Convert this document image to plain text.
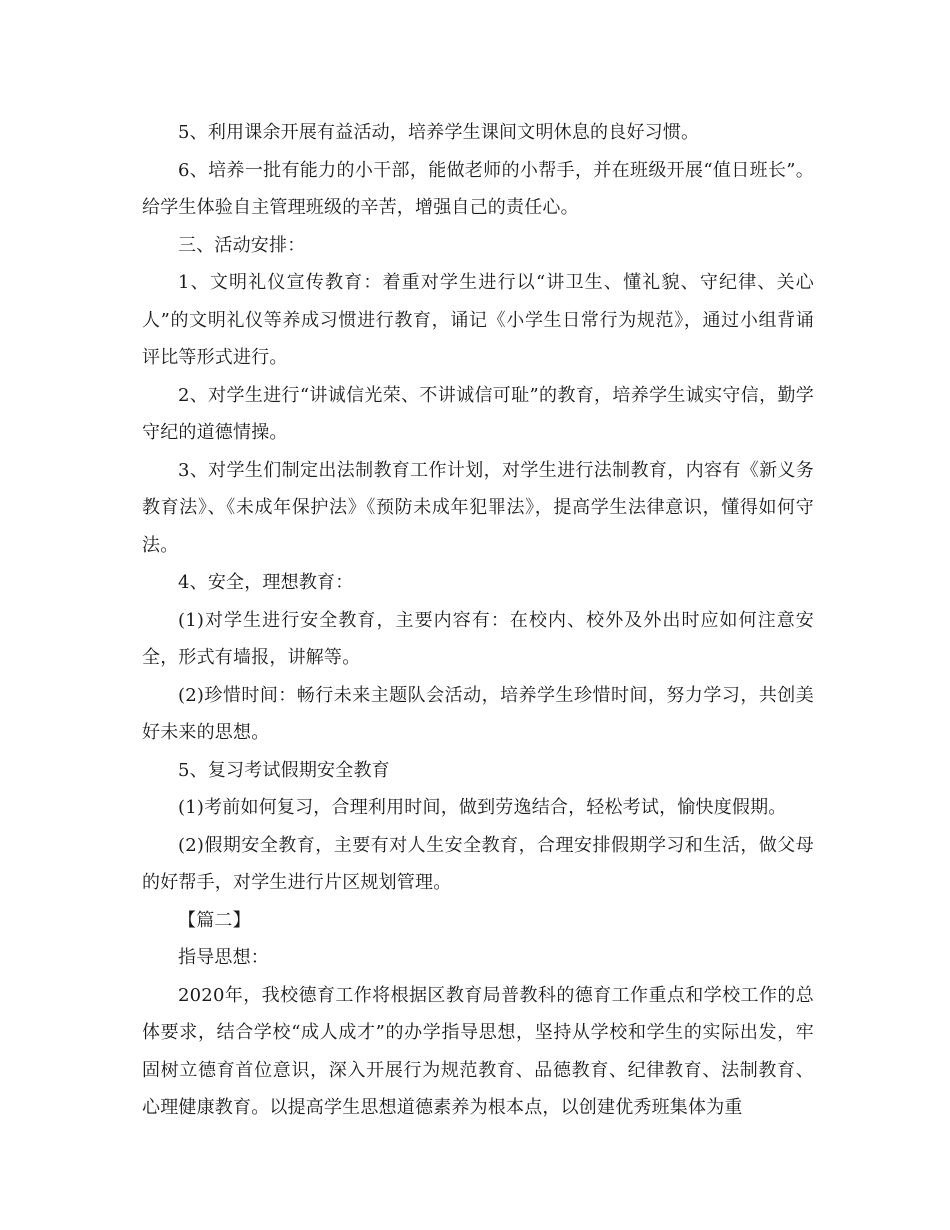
5、利用课余开展有益活动，培养学生课间文明休息的良好习惯。

6、培养一批有能力的小干部，能做老师的小帮手，并在班级开展“值日班长”。给学生体验自主管理班级的辛苦，增强自己的责任心。

三、活动安排：

1、文明礼仪宣传教育：着重对学生进行以“讲卫生、懂礼貌、守纪律、关心人”的文明礼仪等养成习惯进行教育，诵记《小学生日常行为规范》，通过小组背诵评比等形式进行。

2、对学生进行“讲诚信光荣、不讲诚信可耻”的教育，培养学生诚实守信，勤学守纪的道德情操。

3、对学生们制定出法制教育工作计划，对学生进行法制教育，内容有《新义务教育法》、《未成年保护法》《预防未成年犯罪法》，提高学生法律意识，懂得如何守法。

4、安全，理想教育：

(1)对学生进行安全教育，主要内容有：在校内、校外及外出时应如何注意安全，形式有墙报，讲解等。

(2)珍惜时间：畅行未来主题队会活动，培养学生珍惜时间，努力学习，共创美好未来的思想。

5、复习考试假期安全教育

(1)考前如何复习，合理利用时间，做到劳逸结合，轻松考试，愉快度假期。

(2)假期安全教育，主要有对人生安全教育，合理安排假期学习和生活，做父母的好帮手，对学生进行片区规划管理。

【篇二】

指导思想：

2020年，我校德育工作将根据区教育局普教科的德育工作重点和学校工作的总体要求，结合学校“成人成才”的办学指导思想，坚持从学校和学生的实际出发，牢固树立德育首位意识，深入开展行为规范教育、品德教育、纪律教育、法制教育、心理健康教育。以提高学生思想道德素养为根本点，以创建优秀班集体为重
